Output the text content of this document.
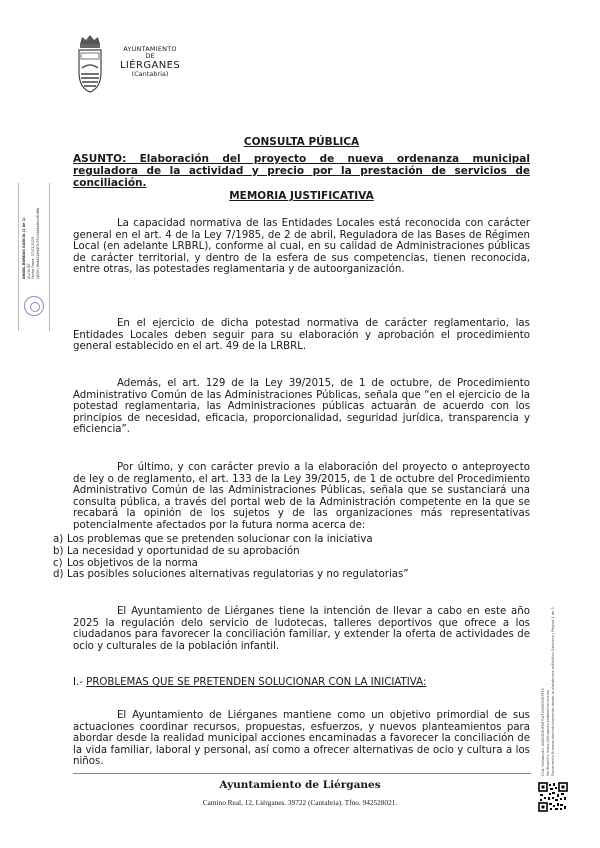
AYUNTAMIENTO
DE
LIÉRGANES
(Cantabria)
ANGEL BORDAS GARCIA (1 de 1) ALCALDE Fecha Firma: 07/02/2025 HASH: 6ed4548d4f0c37c0dd4a4bcc8fd8b
Cód. Validación: A6ZGZGHPNTYWF2X8SYSR7EF2 Verificación: https://lierganes.sedelectronica.es/ Documento firmado electrónicamente desde la plataforma esPublico Gestiona | Página 1 de 3
CONSULTA PÚBLICA
ASUNTO: Elaboración del proyecto de nueva ordenanza municipal reguladora de la actividad y precio por la prestación de servicios de conciliación.
MEMORIA JUSTIFICATIVA
La capacidad normativa de las Entidades Locales está reconocida con carácter general en el art. 4 de la Ley 7/1985, de 2 de abril, Reguladora de las Bases de Régimen Local (en adelante LRBRL), conforme al cual, en su calidad de Administraciones públicas de carácter territorial, y dentro de la esfera de sus competencias, tienen reconocida, entre otras, las potestades reglamentaria y de autoorganización.
En el ejercicio de dicha potestad normativa de carácter reglamentario, las Entidades Locales deben seguir para su elaboración y aprobación el procedimiento general establecido en el art. 49 de la LRBRL.
Además, el art. 129 de la Ley 39/2015, de 1 de octubre, de Procedimiento Administrativo Común de las Administraciones Públicas, señala que “en el ejercicio de la potestad reglamentaria, las Administraciones públicas actuarán de acuerdo con los principios de necesidad, eficacia, proporcionalidad, seguridad jurídica, transparencia y eficiencia”.
Por último, y con carácter previo a la elaboración del proyecto o anteproyecto de ley o de reglamento, el art. 133 de la Ley 39/2015, de 1 de octubre del Procedimiento Administrativo Común de las Administraciones Públicas, señala que se sustanciará una consulta pública, a través del portal web de la Administración competente en la que se recabará la opinión de los sujetos y de las organizaciones más representativas potencialmente afectados por la futura norma acerca de:
a) Los problemas que se pretenden solucionar con la iniciativa
b) La necesidad y oportunidad de su aprobación
c) Los objetivos de la norma
d) Las posibles soluciones alternativas regulatorias y no regulatorias”
El Ayuntamiento de Liérganes tiene la intención de llevar a cabo en este año 2025 la regulación delo servicio de ludotecas, talleres deportivos que ofrece a los ciudadanos para favorecer la conciliación familiar, y extender la oferta de actividades de ocio y culturales de la población infantil.
I.- PROBLEMAS QUE SE PRETENDEN SOLUCIONAR CON LA INICIATIVA:
El Ayuntamiento de Liérganes mantiene como un objetivo primordial de sus actuaciones coordinar recursos, propuestas, esfuerzos, y nuevos planteamientos para abordar desde la realidad municipal acciones encaminadas a favorecer la conciliación de la vida familiar, laboral y personal, así como a ofrecer alternativas de ocio y cultura a los niños.
Ayuntamiento de Liérganes
Camino Real, 12, Liérganes. 39722 (Cantabria). Tfno. 942528021.
